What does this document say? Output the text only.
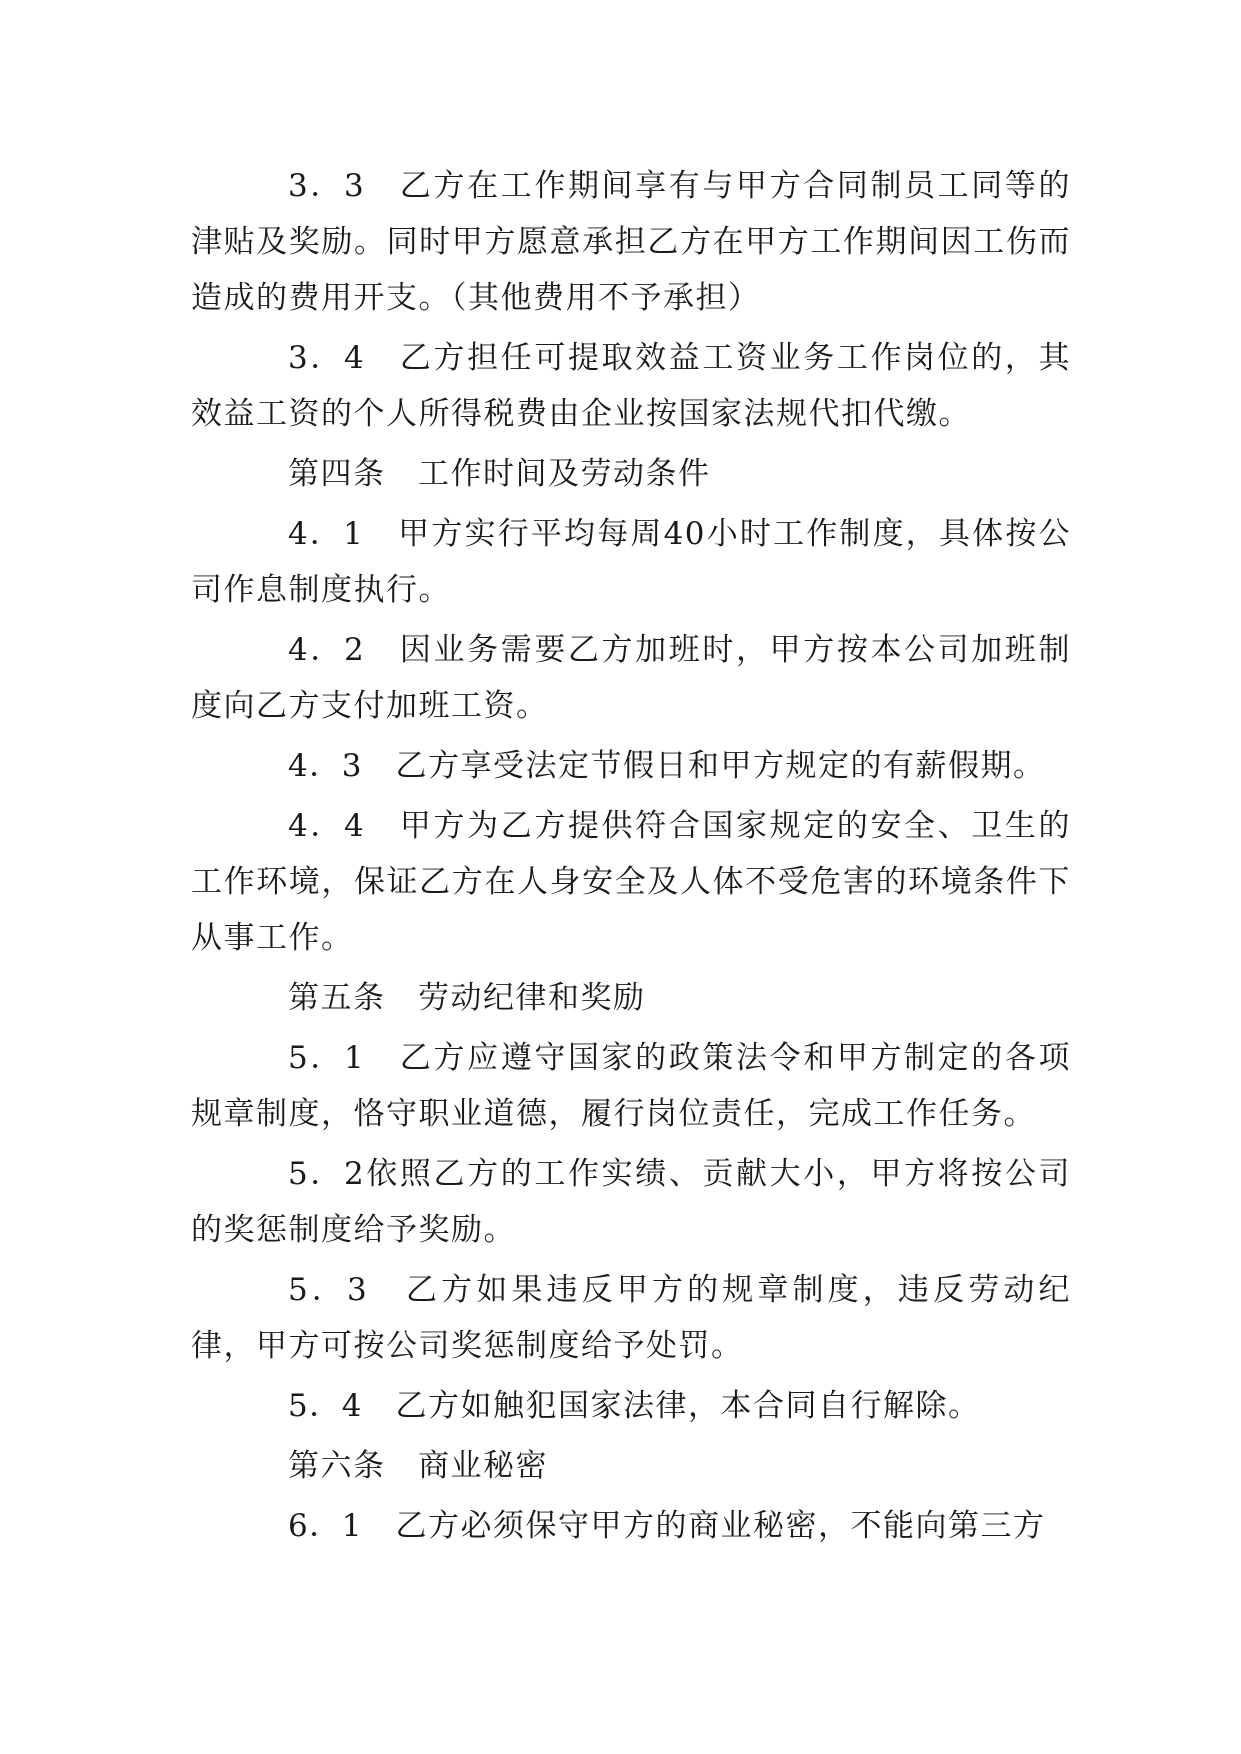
3．3　乙方在工作期间享有与甲方合同制员工同等的津贴及奖励。同时甲方愿意承担乙方在甲方工作期间因工伤而造成的费用开支。（其他费用不予承担）

3．4　乙方担任可提取效益工资业务工作岗位的，其效益工资的个人所得税费由企业按国家法规代扣代缴。

第四条　工作时间及劳动条件

4．1　甲方实行平均每周40小时工作制度，具体按公司作息制度执行。

4．2　因业务需要乙方加班时，甲方按本公司加班制度向乙方支付加班工资。

4．3　乙方享受法定节假日和甲方规定的有薪假期。

4．4　甲方为乙方提供符合国家规定的安全、卫生的工作环境，保证乙方在人身安全及人体不受危害的环境条件下从事工作。

第五条　劳动纪律和奖励

5．1　乙方应遵守国家的政策法令和甲方制定的各项规章制度，恪守职业道德，履行岗位责任，完成工作任务。

5．2依照乙方的工作实绩、贡献大小，甲方将按公司的奖惩制度给予奖励。

5．3　乙方如果违反甲方的规章制度，违反劳动纪律，甲方可按公司奖惩制度给予处罚。

5．4　乙方如触犯国家法律，本合同自行解除。

第六条　商业秘密

6．1　乙方必须保守甲方的商业秘密，不能向第三方
